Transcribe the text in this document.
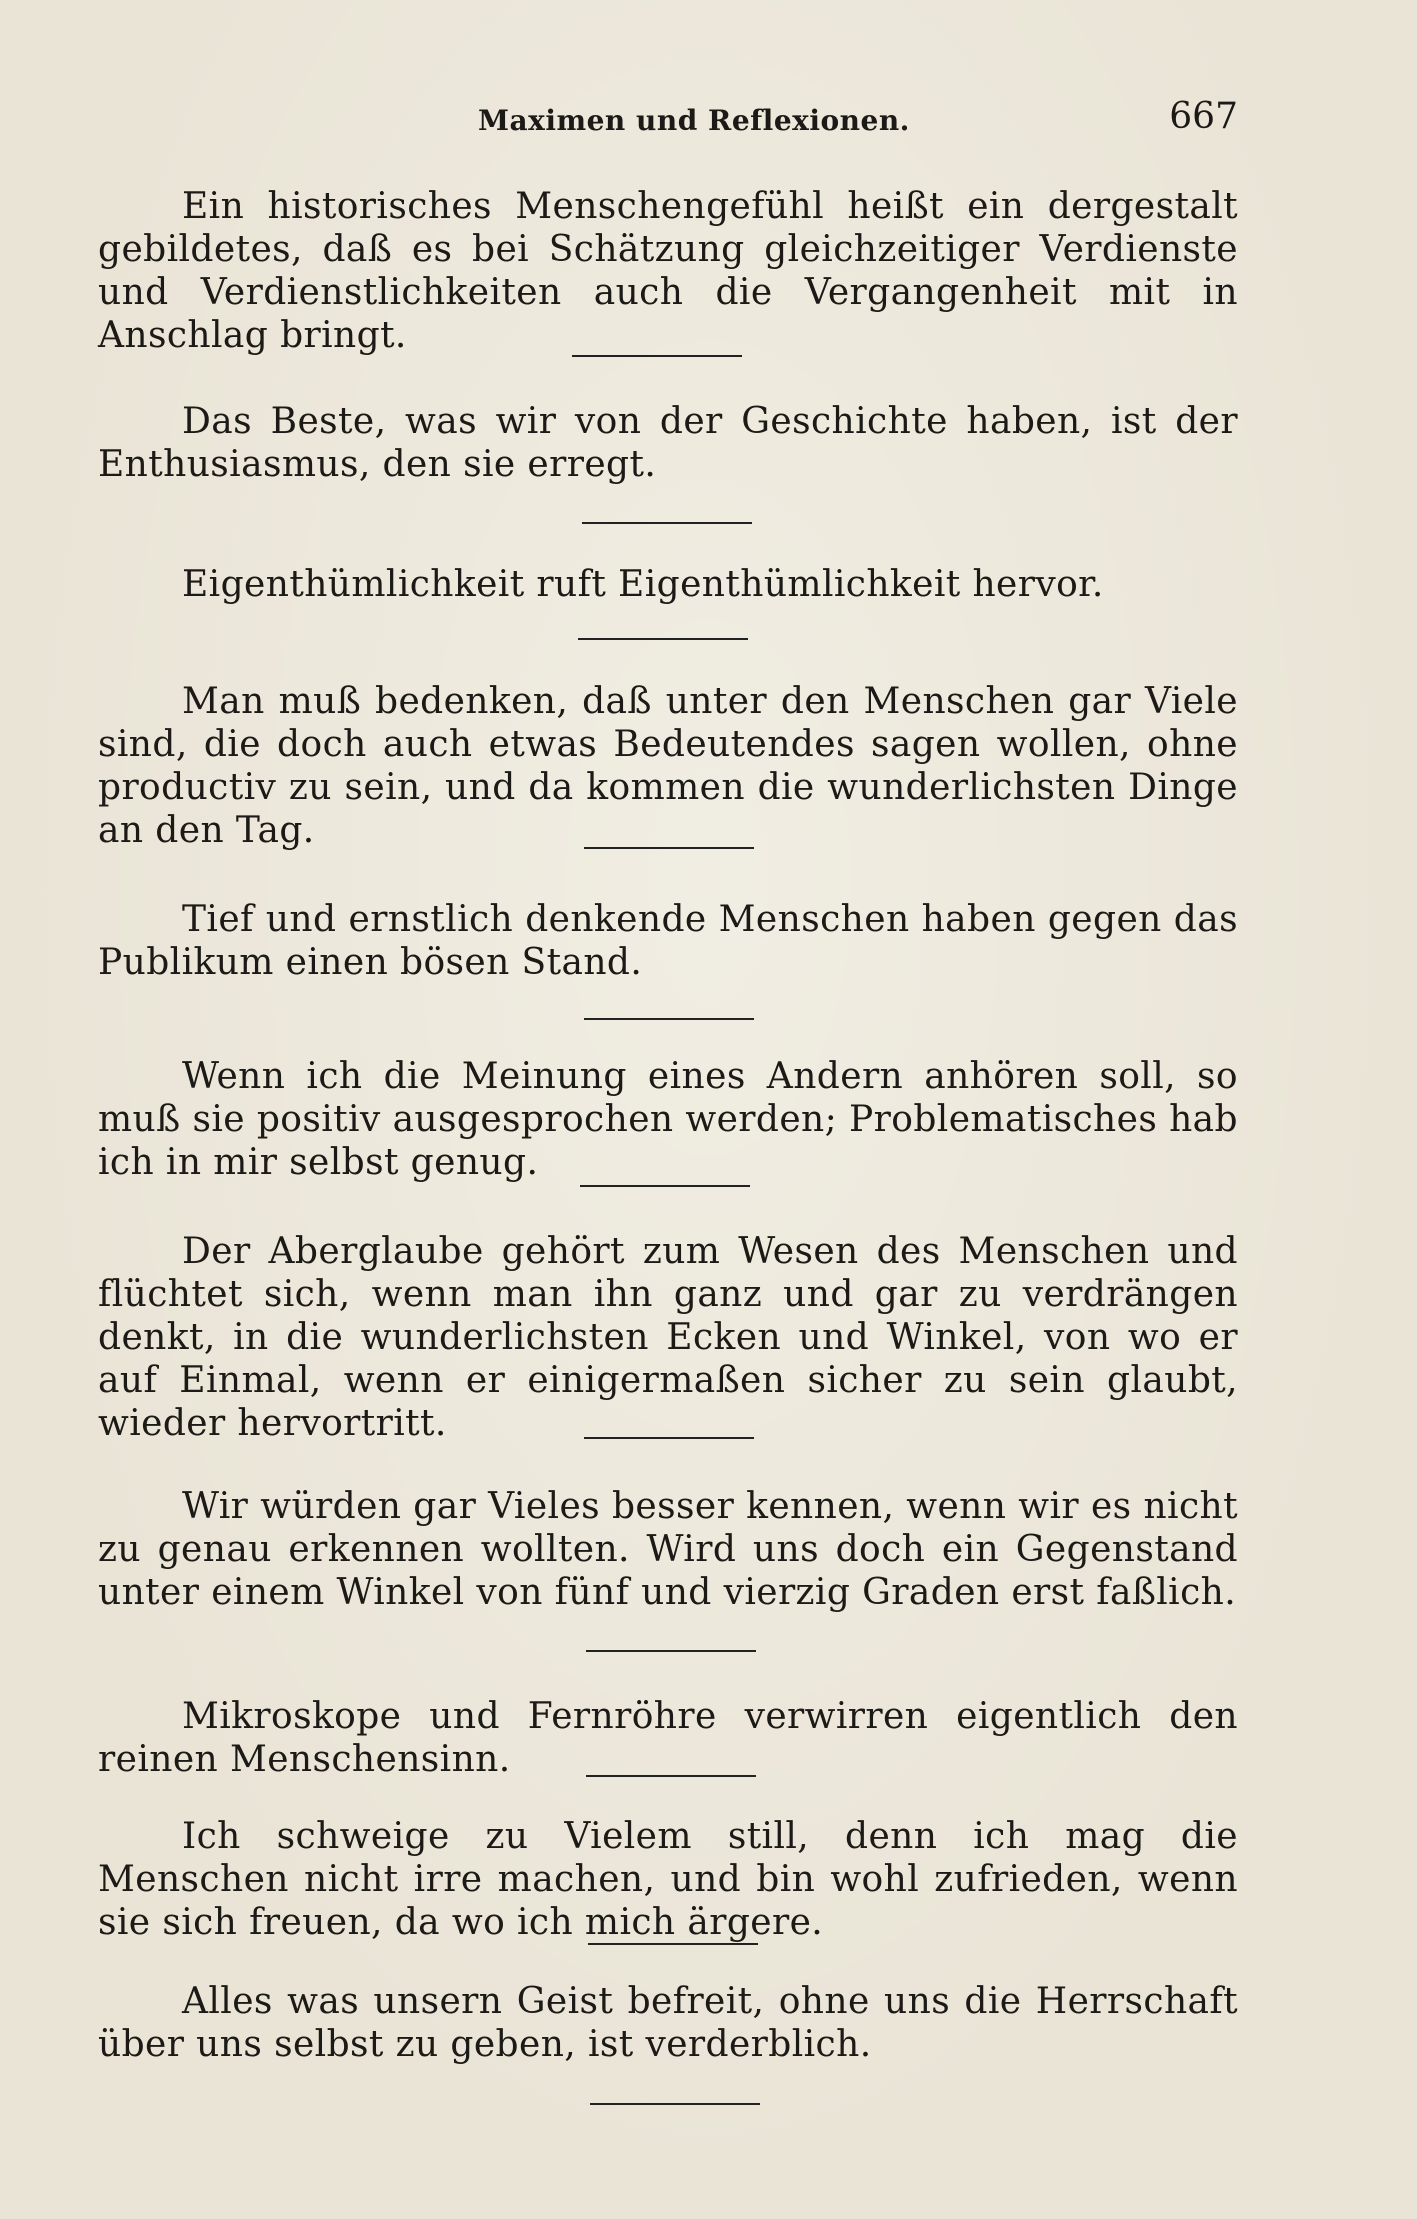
Maximen und Reflexionen.	667

Ein historisches Menschengefühl heißt ein dergestalt gebildetes, daß es bei Schätzung gleichzeitiger Verdienste und Verdienstlichkeiten auch die Vergangenheit mit in Anschlag bringt.

Das Beste, was wir von der Geschichte haben, ist der Enthusiasmus, den sie erregt.

Eigenthümlichkeit ruft Eigenthümlichkeit hervor.

Man muß bedenken, daß unter den Menschen gar Viele sind, die doch auch etwas Bedeutendes sagen wollen, ohne productiv zu sein, und da kommen die wunderlichsten Dinge an den Tag.

Tief und ernstlich denkende Menschen haben gegen das Publikum einen bösen Stand.

Wenn ich die Meinung eines Andern anhören soll, so muß sie positiv ausgesprochen werden; Problematisches hab ich in mir selbst genug.

Der Aberglaube gehört zum Wesen des Menschen und flüchtet sich, wenn man ihn ganz und gar zu verdrängen denkt, in die wunderlichsten Ecken und Winkel, von wo er auf Einmal, wenn er einigermaßen sicher zu sein glaubt, wieder hervortritt.

Wir würden gar Vieles besser kennen, wenn wir es nicht zu genau erkennen wollten. Wird uns doch ein Gegenstand unter einem Winkel von fünf und vierzig Graden erst faßlich.

Mikroskope und Fernröhre verwirren eigentlich den reinen Menschensinn.

Ich schweige zu Vielem still, denn ich mag die Menschen nicht irre machen, und bin wohl zufrieden, wenn sie sich freuen, da wo ich mich ärgere.

Alles was unsern Geist befreit, ohne uns die Herrschaft über uns selbst zu geben, ist verderblich.
